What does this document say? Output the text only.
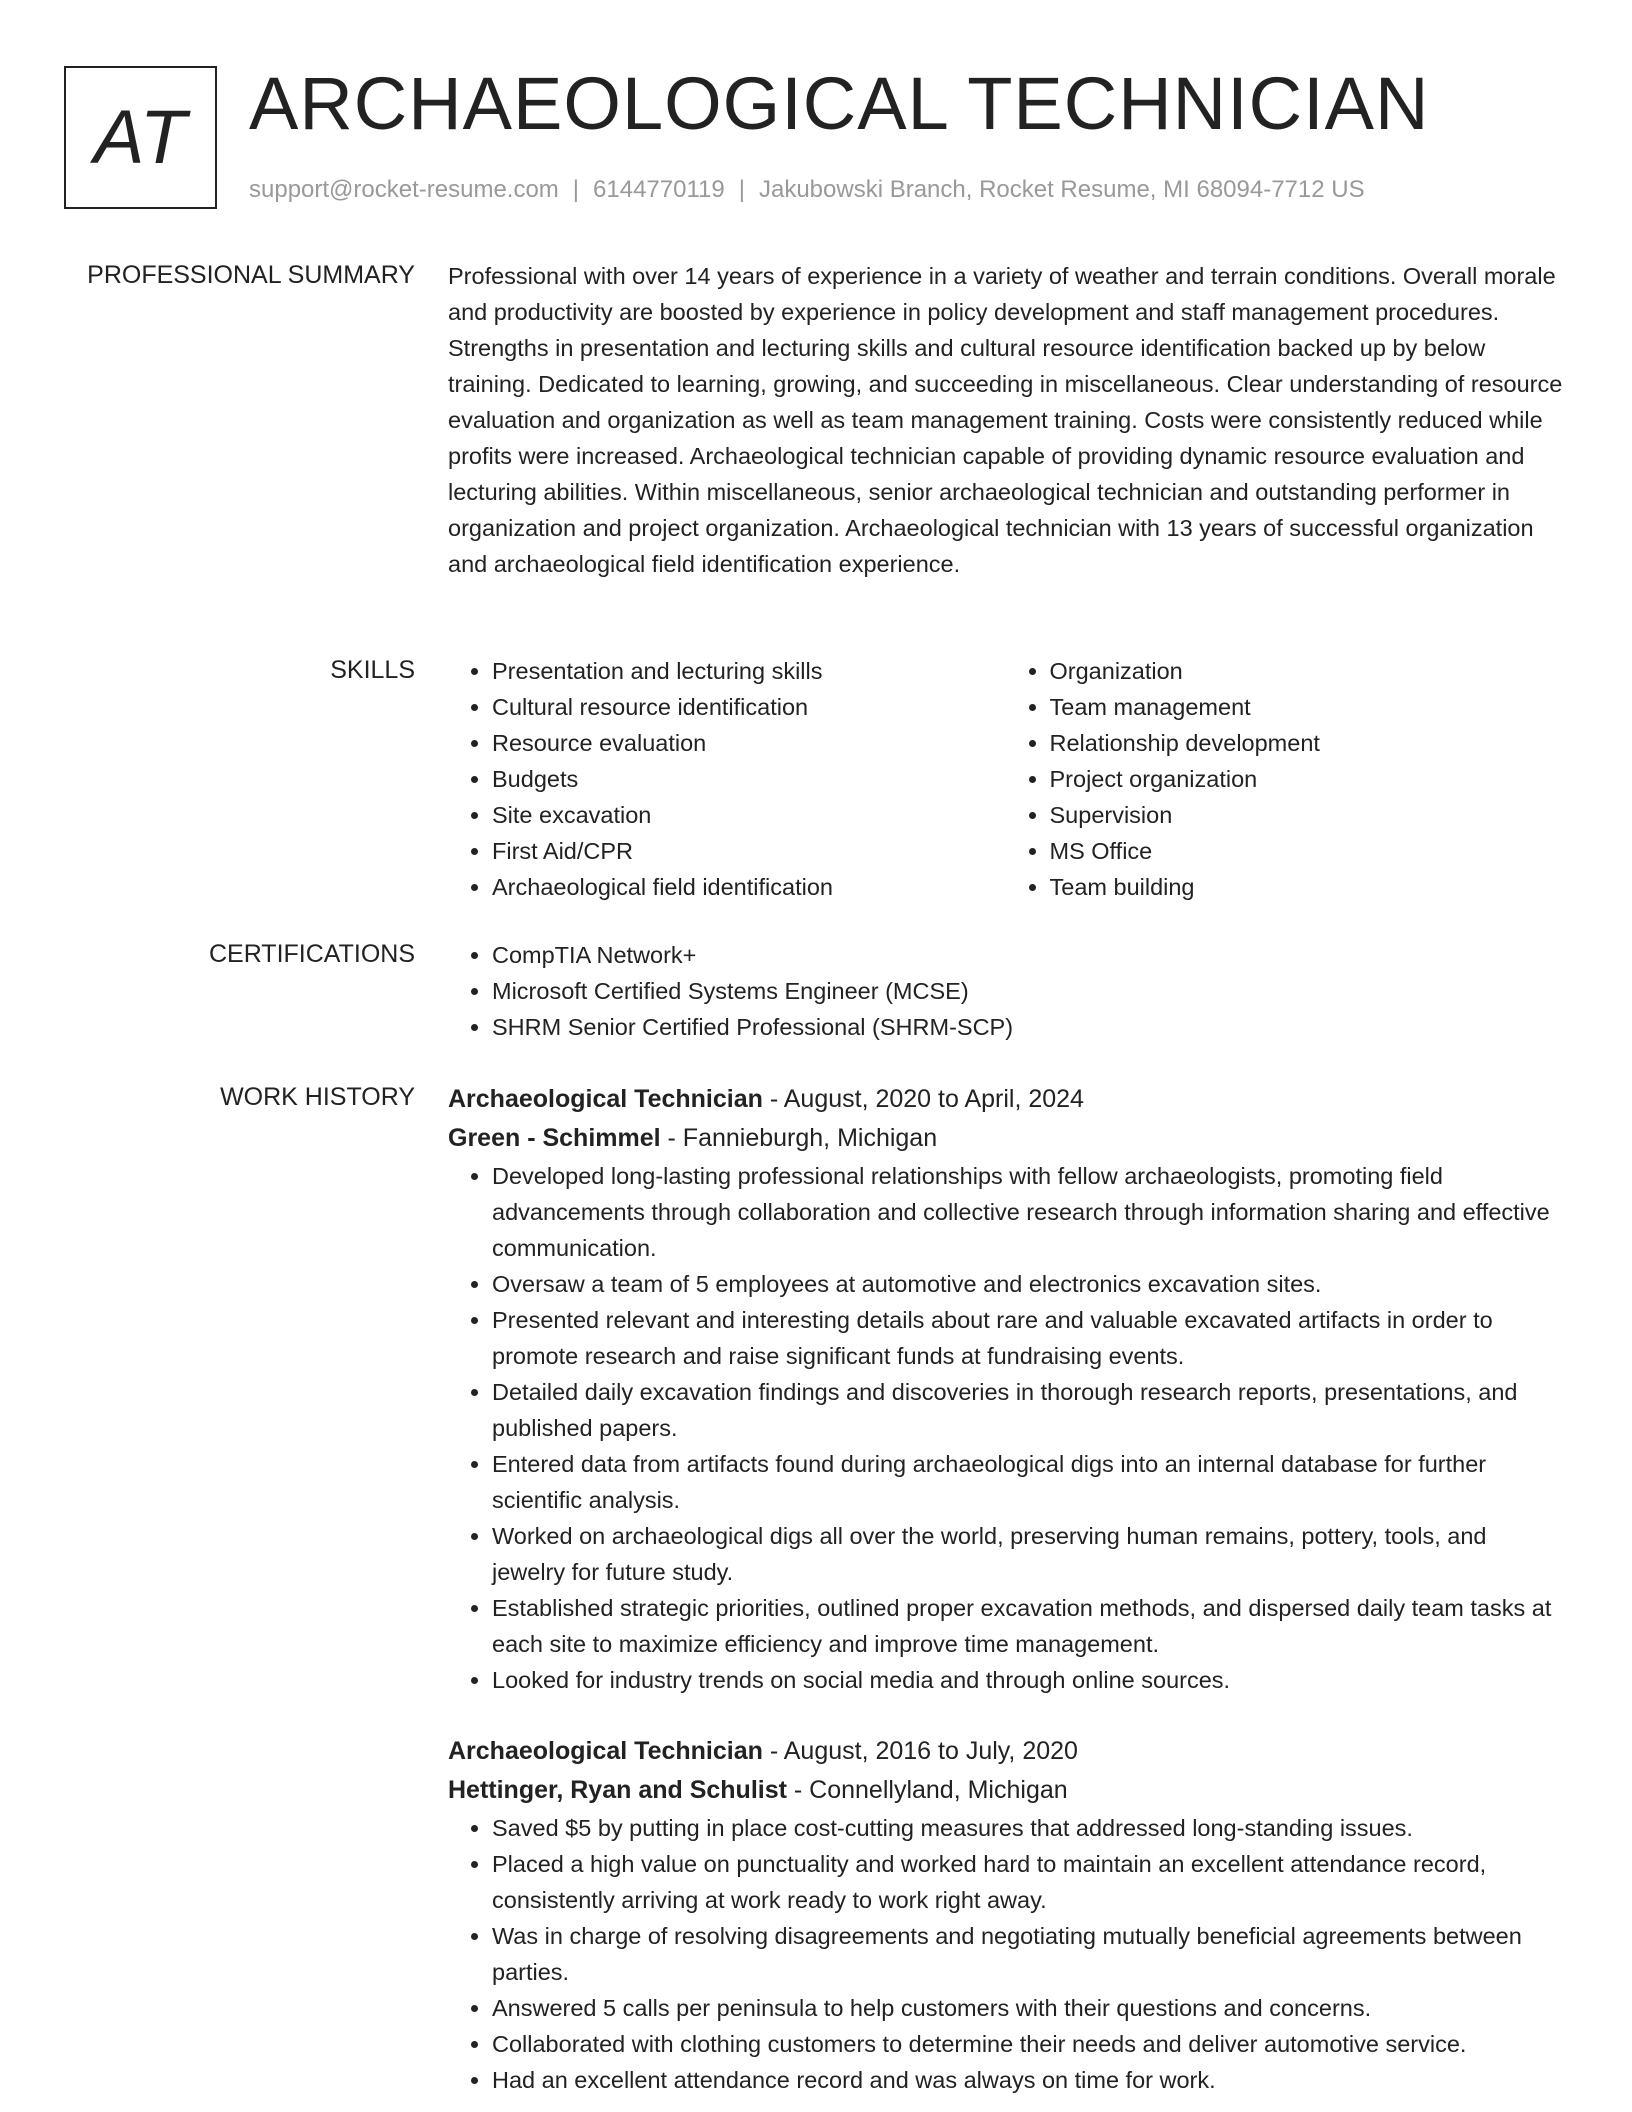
AT ARCHAEOLOGICAL TECHNICIAN
support@rocket-resume.com | 6144770119 | Jakubowski Branch, Rocket Resume, MI 68094-7712 US
PROFESSIONAL SUMMARY Professional with over 14 years of experience in a variety of weather and terrain conditions. Overall morale and productivity are boosted by experience in policy development and staff management procedures. Strengths in presentation and lecturing skills and cultural resource identification backed up by below training. Dedicated to learning, growing, and succeeding in miscellaneous. Clear understanding of resource evaluation and organization as well as team management training. Costs were consistently reduced while profits were increased. Archaeological technician capable of providing dynamic resource evaluation and lecturing abilities. Within miscellaneous, senior archaeological technician and outstanding performer in organization and project organization. Archaeological technician with 13 years of successful organization and archaeological field identification experience.

SKILLS	• Presentation and lecturing skills
• Cultural resource identification
• Resource evaluation
• Budgets
• Site excavation
• First Aid/CPR
• Archaeological field identification
• Organization
• Team management
• Relationship development
• Project organization
• Supervision
• MS Office
• Team building
CERTIFICATIONS	• CompTIA Network+
• Microsoft Certified Systems Engineer (MCSE)
• SHRM Senior Certified Professional (SHRM-SCP)
WORK HISTORY Archaeological Technician - August, 2020 to April, 2024
Green - Schimmel - Fannieburgh, Michigan
• Developed long-lasting professional relationships with fellow archaeologists, promoting field advancements through collaboration and collective research through information sharing and effective communication.
• Oversaw a team of 5 employees at automotive and electronics excavation sites.
• Presented relevant and interesting details about rare and valuable excavated artifacts in order to promote research and raise significant funds at fundraising events.
• Detailed daily excavation findings and discoveries in thorough research reports, presentations, and published papers.
• Entered data from artifacts found during archaeological digs into an internal database for further scientific analysis.
• Worked on archaeological digs all over the world, preserving human remains, pottery, tools, and jewelry for future study.
• Established strategic priorities, outlined proper excavation methods, and dispersed daily team tasks at each site to maximize efficiency and improve time management.
• Looked for industry trends on social media and through online sources.
Archaeological Technician - August, 2016 to July, 2020
Hettinger, Ryan and Schulist - Connellyland, Michigan
• Saved $5 by putting in place cost-cutting measures that addressed long-standing issues.
• Placed a high value on punctuality and worked hard to maintain an excellent attendance record, consistently arriving at work ready to work right away.
• Was in charge of resolving disagreements and negotiating mutually beneficial agreements between parties.
• Answered 5 calls per peninsula to help customers with their questions and concerns.
• Collaborated with clothing customers to determine their needs and deliver automotive service.
• Had an excellent attendance record and was always on time for work.
